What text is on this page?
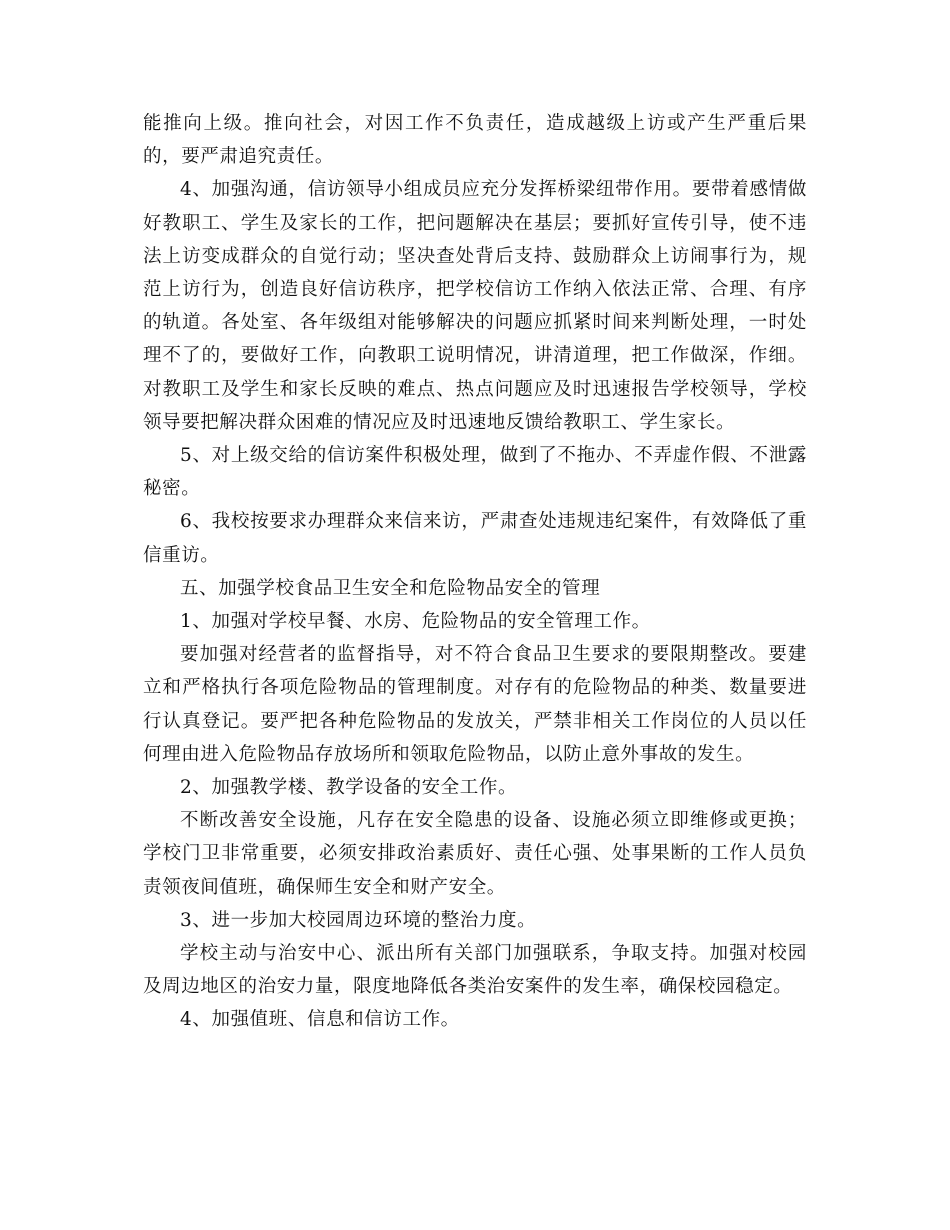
能推向上级。推向社会，对因工作不负责任，造成越级上访或产生严重后果的，要严肃追究责任。

4、加强沟通，信访领导小组成员应充分发挥桥梁纽带作用。要带着感情做好教职工、学生及家长的工作，把问题解决在基层；要抓好宣传引导，使不违法上访变成群众的自觉行动；坚决查处背后支持、鼓励群众上访闹事行为，规范上访行为，创造良好信访秩序，把学校信访工作纳入依法正常、合理、有序的轨道。各处室、各年级组对能够解决的问题应抓紧时间来判断处理，一时处理不了的，要做好工作，向教职工说明情况，讲清道理，把工作做深，作细。对教职工及学生和家长反映的难点、热点问题应及时迅速报告学校领导，学校领导要把解决群众困难的情况应及时迅速地反馈给教职工、学生家长。

5、对上级交给的信访案件积极处理，做到了不拖办、不弄虚作假、不泄露秘密。

6、我校按要求办理群众来信来访，严肃查处违规违纪案件，有效降低了重信重访。

五、加强学校食品卫生安全和危险物品安全的管理

1、加强对学校早餐、水房、危险物品的安全管理工作。

要加强对经营者的监督指导，对不符合食品卫生要求的要限期整改。要建立和严格执行各项危险物品的管理制度。对存有的危险物品的种类、数量要进行认真登记。要严把各种危险物品的发放关，严禁非相关工作岗位的人员以任何理由进入危险物品存放场所和领取危险物品，以防止意外事故的发生。

2、加强教学楼、教学设备的安全工作。

不断改善安全设施，凡存在安全隐患的设备、设施必须立即维修或更换；学校门卫非常重要，必须安排政治素质好、责任心强、处事果断的工作人员负责领夜间值班，确保师生安全和财产安全。

3、进一步加大校园周边环境的整治力度。

学校主动与治安中心、派出所有关部门加强联系，争取支持。加强对校园及周边地区的治安力量，限度地降低各类治安案件的发生率，确保校园稳定。

4、加强值班、信息和信访工作。
